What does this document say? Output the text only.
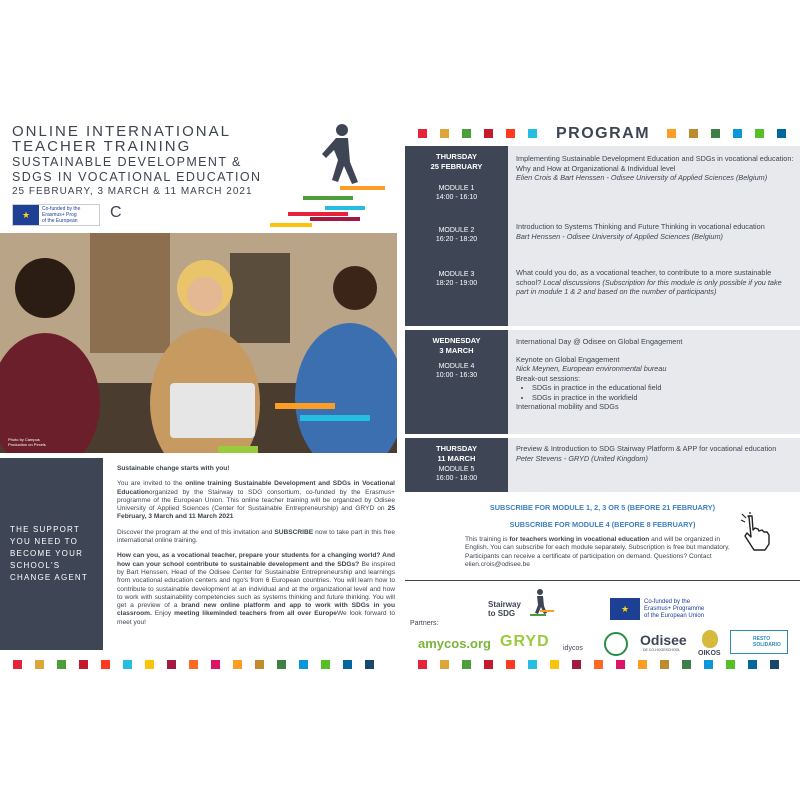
ONLINE INTERNATIONAL
TEACHER TRAINING
SUSTAINABLE DEVELOPMENT &
SDGS IN VOCATIONAL EDUCATION
25 FEBRUARY, 3 MARCH & 11 MARCH 2021
★
Co-funded by the
Erasmus+ Prog
of the European C
Photo by Campus Production on Pexels
THE SUPPORT
YOU NEED TO
BECOME YOUR
SCHOOL'S
CHANGE AGENT

Sustainable change starts with you!

You are invited to the online training Sustainable Development and SDGs in Vocational Educationorganized by the Stairway to SDG consortium, co-funded by the Erasmus+ programme of the European Union. This online teacher training will be organized by Odisee University of Applied Sciences (Center for Sustainable Entrepreneurship) and GRYD on 25 February, 3 March and 11 March 2021

Discover the program at the end of this invitation and SUBSCRIBE now to take part in this free international online training.

How can you, as a vocational teacher, prepare your students for a changing world? And how can your school contribute to sustainable development and the SDGs? Be inspired by Bart Henssen, Head of the Odisee Center for Sustainable Entrepreneurship and learnings from vocational education centers and ngo's from 6 European countries. You will learn how to contribute to sustainable development at an individual and at the organizational level and how to work with sustainability competencies such as systems thinking and future thinking. You will get a preview of a brand new online platform and app to work with SDGs in you classroom. Enjoy meeting likeminded teachers from all over EuropeWe look forward to meet you!

PROGRAM
THURSDAY
25 FEBRUARY
MODULE 1
14:00 - 16:10
MODULE 2
16:20 - 18:20
MODULE 3
18:20 - 19:00
Implementing Sustainable Development Education and SDGs in vocational education: Why and How at Organizational & Individual level
Elien Crois & Bart Henssen - Odisee University of Applied Sciences (Belgium)
Introduction to Systems Thinking and Future Thinking in vocational education
Bart Henssen - Odisee University of Applied Sciences (Belgium)
What could you do, as a vocational teacher, to contribute to a more sustainable school? Local discussions (Subscription for this module is only possible if you take part in module 1 & 2 and based on the number of participants)
WEDNESDAY
3 MARCH
MODULE 4
10:00 - 16:30
International Day @ Odisee on Global Engagement
Keynote on Global Engagement
Nick Meynen, European environmental bureau
Break-out sessions:
• SDGs in practice in the educational field
• SDGs in practice in the workfield
International mobility and SDGs
THURSDAY
11 MARCH
MODULE 5
16:00 - 18:00
Preview & Introduction to SDG Stairway Platform & APP for vocational education
Peter Stevens - GRYD (United Kingdom)
SUBSCRIBE FOR MODULE 1, 2, 3 OR 5 (BEFORE 21 FEBRUARY)
SUBSCRIBE FOR MODULE 4 (BEFORE 8 FEBRUARY)
This training is for teachers working in vocational education and will be organized in English. You can subscribe for each module separately. Subscription is free but mandatory. Participants can receive a certificate of participation on demand. Questions? Contact elien.crois@odisee.be
Stairway
to SDG	★
Co-funded by the
Erasmus+ Programme
of the European Union
Partners:
amycos.org GRYD idycos
Odisee
DE CO-HOGESCHOOL	OIKOS
RESTO
SOLIDARIO
